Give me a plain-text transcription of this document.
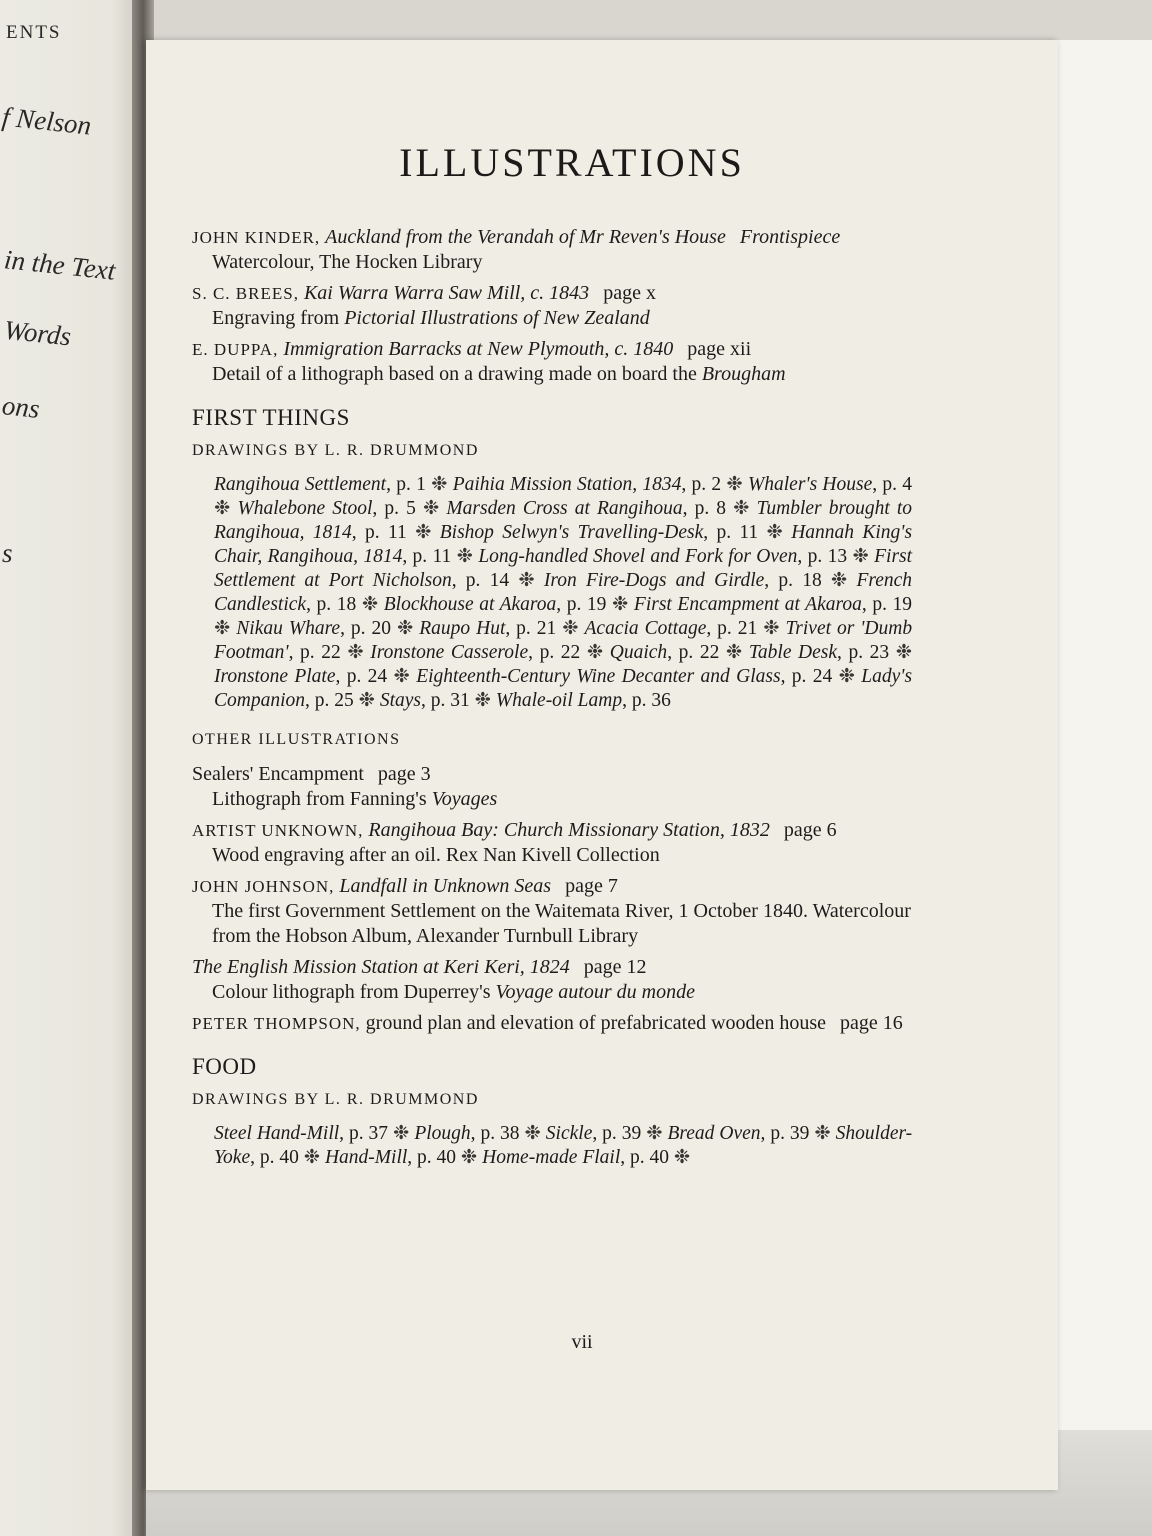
ENTS
f Nelson
in the Text
Words
ons
s
ILLUSTRATIONS
JOHN KINDER, Auckland from the Verandah of Mr Reven's House Frontispiece
Watercolour, The Hocken Library
S. C. BREES, Kai Warra Warra Saw Mill, c. 1843 page x
Engraving from Pictorial Illustrations of New Zealand
E. DUPPA, Immigration Barracks at New Plymouth, c. 1840 page xii
Detail of a lithograph based on a drawing made on board the Brougham
FIRST THINGS
DRAWINGS BY L. R. DRUMMOND
Rangihoua Settlement, p. 1 ❉ Paihia Mission Station, 1834, p. 2 ❉ Whaler's House, p. 4 ❉ Whalebone Stool, p. 5 ❉ Marsden Cross at Rangihoua, p. 8 ❉ Tumbler brought to Rangihoua, 1814, p. 11 ❉ Bishop Selwyn's Travelling-Desk, p. 11 ❉ Hannah King's Chair, Rangihoua, 1814, p. 11 ❉ Long-handled Shovel and Fork for Oven, p. 13 ❉ First Settlement at Port Nicholson, p. 14 ❉ Iron Fire-Dogs and Girdle, p. 18 ❉ French Candlestick, p. 18 ❉ Blockhouse at Akaroa, p. 19 ❉ First Encampment at Akaroa, p. 19 ❉ Nikau Whare, p. 20 ❉ Raupo Hut, p. 21 ❉ Acacia Cottage, p. 21 ❉ Trivet or 'Dumb Footman', p. 22 ❉ Ironstone Casserole, p. 22 ❉ Quaich, p. 22 ❉ Table Desk, p. 23 ❉ Ironstone Plate, p. 24 ❉ Eighteenth-Century Wine Decanter and Glass, p. 24 ❉ Lady's Companion, p. 25 ❉ Stays, p. 31 ❉ Whale-oil Lamp, p. 36
OTHER ILLUSTRATIONS
Sealers' Encampment page 3
Lithograph from Fanning's Voyages
ARTIST UNKNOWN, Rangihoua Bay: Church Missionary Station, 1832 page 6
Wood engraving after an oil. Rex Nan Kivell Collection
JOHN JOHNSON, Landfall in Unknown Seas page 7
The first Government Settlement on the Waitemata River, 1 October 1840. Watercolour from the Hobson Album, Alexander Turnbull Library
The English Mission Station at Keri Keri, 1824 page 12
Colour lithograph from Duperrey's Voyage autour du monde
PETER THOMPSON, ground plan and elevation of prefabricated wooden house page 16
FOOD
DRAWINGS BY L. R. DRUMMOND
Steel Hand-Mill, p. 37 ❉ Plough, p. 38 ❉ Sickle, p. 39 ❉ Bread Oven, p. 39 ❉ Shoulder-Yoke, p. 40 ❉ Hand-Mill, p. 40 ❉ Home-made Flail, p. 40 ❉
vii
